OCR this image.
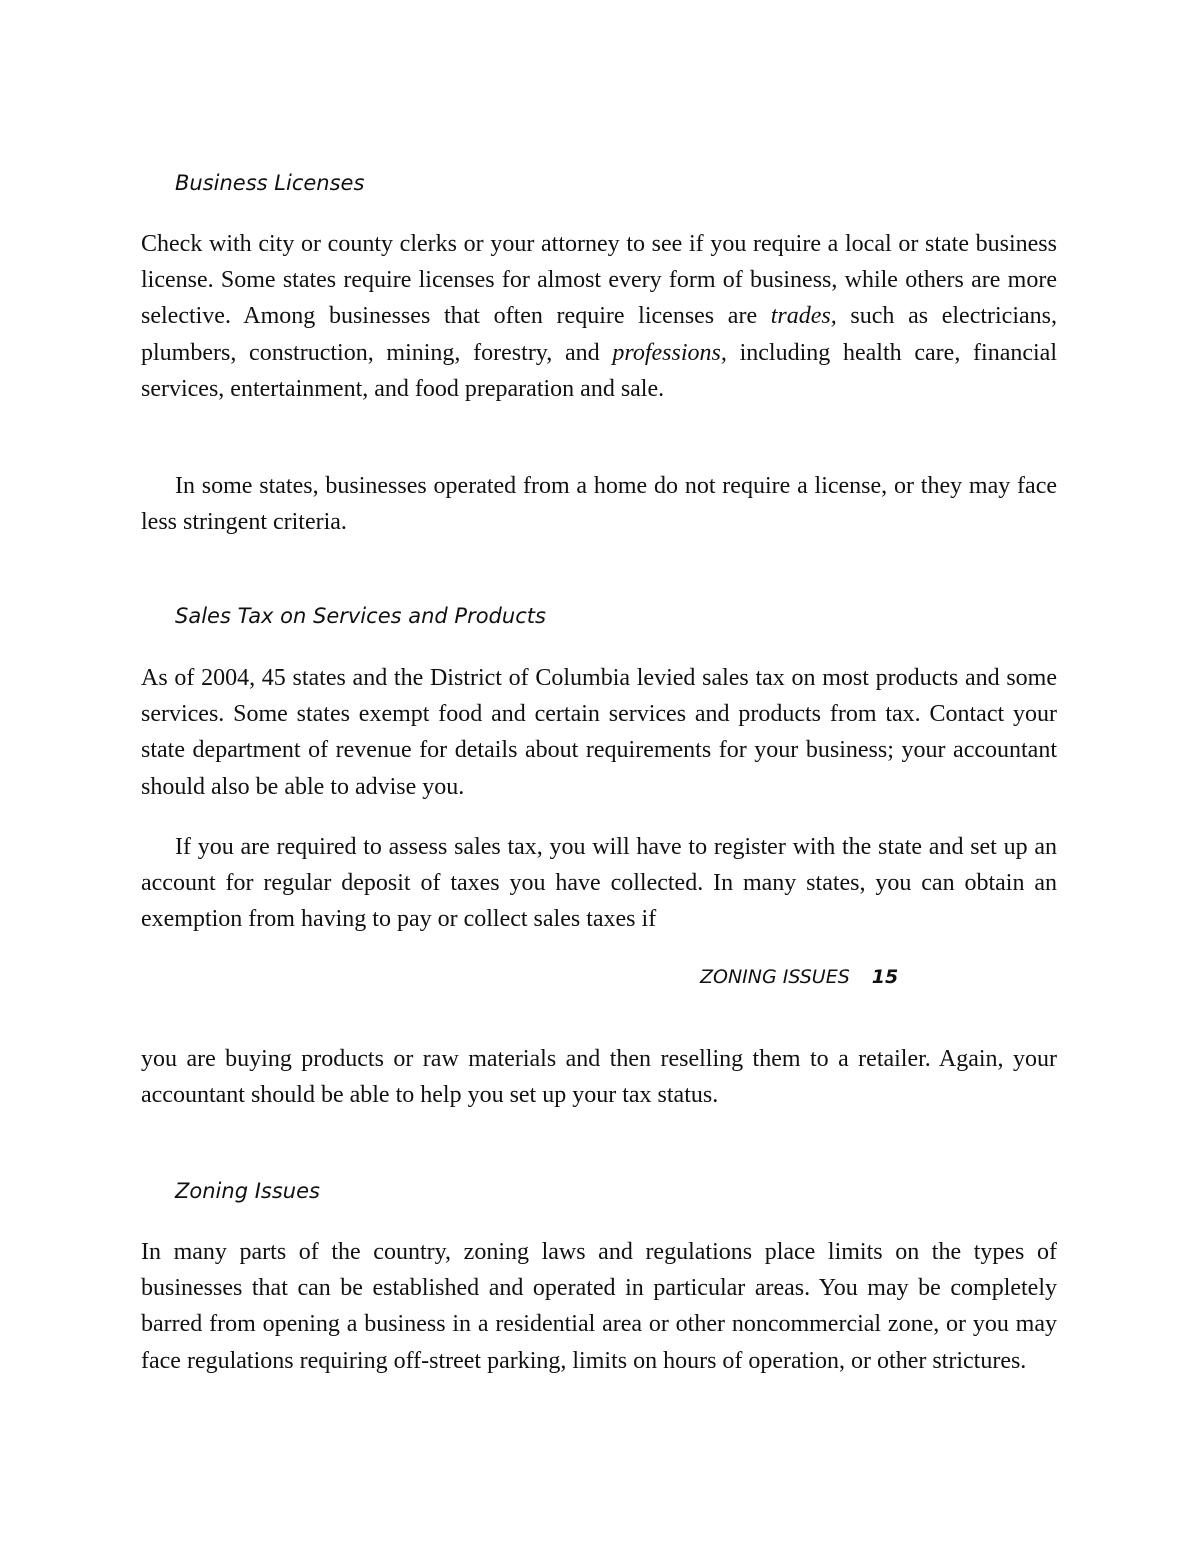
Business Licenses

Check with city or county clerks or your attorney to see if you require a local or state business license. Some states require licenses for almost every form of business, while others are more selective. Among businesses that often require licenses are trades, such as electricians, plumbers, construction, mining, forestry, and professions, including health care, financial services, entertainment, and food preparation and sale.

In some states, businesses operated from a home do not require a license, or they may face less stringent criteria.

Sales Tax on Services and Products

As of 2004, 45 states and the District of Columbia levied sales tax on most products and some services. Some states exempt food and certain services and products from tax. Contact your state department of revenue for details about requirements for your business; your accountant should also be able to advise you.

If you are required to assess sales tax, you will have to register with the state and set up an account for regular deposit of taxes you have collected. In many states, you can obtain an exemption from having to pay or collect sales taxes if

ZONING ISSUES 15

you are buying products or raw materials and then reselling them to a retailer. Again, your accountant should be able to help you set up your tax status.

Zoning Issues

In many parts of the country, zoning laws and regulations place limits on the types of businesses that can be established and operated in particular areas. You may be completely barred from opening a business in a residential area or other noncommercial zone, or you may face regulations requiring off-street parking, limits on hours of operation, or other strictures.
